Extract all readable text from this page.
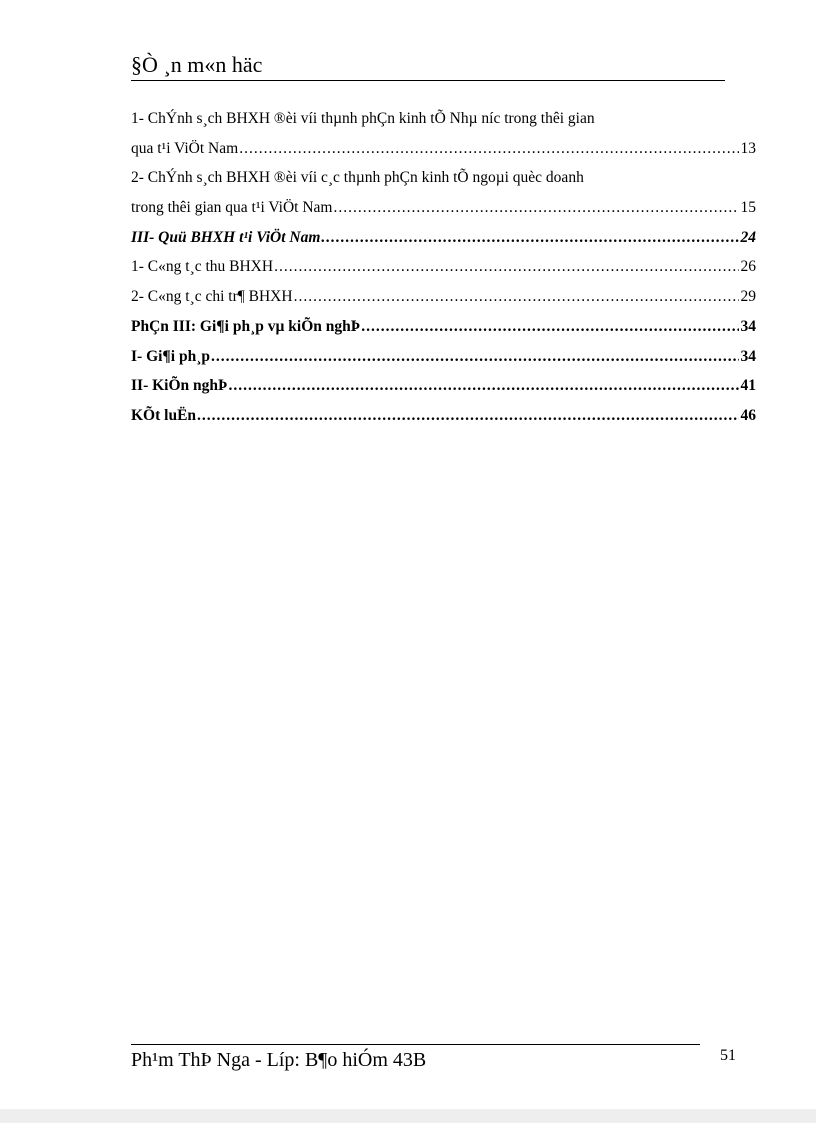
§Ò ¸n m«n häc
1- ChÝnh s¸ch BHXH ®èi víi thµnh phÇn kinh tÕ Nhµ níc trong thêi gian
qua t¹i ViÖt Nam .....	13
2- ChÝnh s¸ch BHXH ®èi víi c¸c thµnh phÇn kinh tÕ ngoµi quèc doanh
trong thêi gian qua t¹i ViÖt Nam .....	15
III- Quü BHXH t¹i ViÖt Nam .....	24
1- C«ng t¸c thu BHXH .....	26
2- C«ng t¸c chi tr¶ BHXH .....	29
PhÇn III: Gi¶i ph¸p vµ kiÕn nghÞ .....	34
I- Gi¶i ph¸p .....	34
II- KiÕn nghÞ .....	41
KÕt luËn .....	46
Ph¹m ThÞ Nga - Líp: B¶o hiÓm 43B	51
